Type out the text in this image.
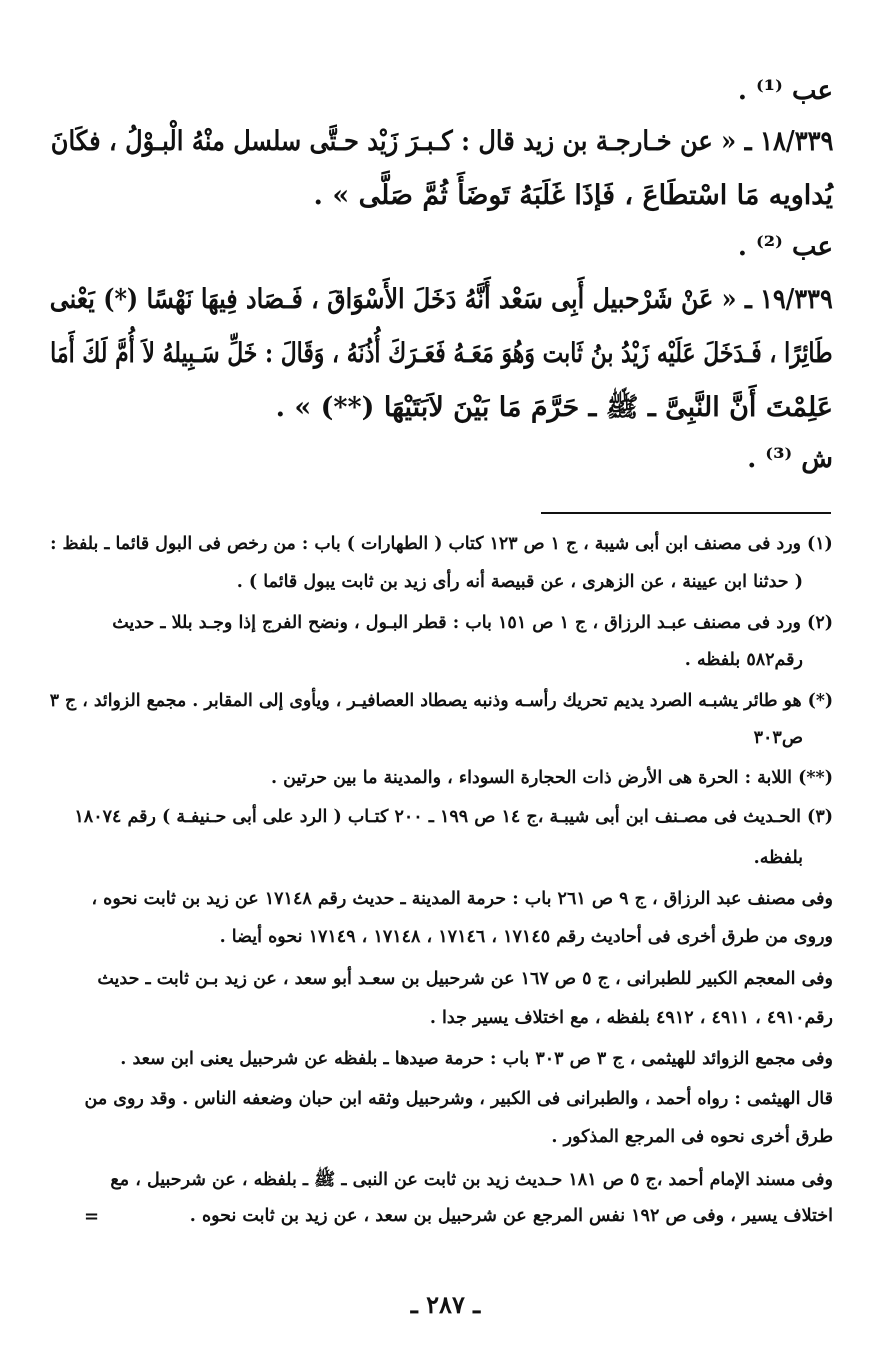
عب ⁽¹⁾ .
١٨/٣٣٩ ـ « عن خـارجـة بن زيد قال : كـبـرَ زَيْد حـتَّى سلسل منْهُ الْبـوْلُ ، فكَانَ
يُداويه مَا اسْتطَاعَ ، فَإذَا غَلَبَهُ تَوضَأَ ثُمَّ صَلَّى » .
عب ⁽²⁾ .
١٩/٣٣٩ ـ « عَنْ شَرْحبيل أَبِى سَعْد أَنَّهُ دَخَلَ الأَسْوَاقَ ، فَـصَاد فِيهَا نَهْسًا (*) يَعْنى
طَائِرًا ، فَـدَخَلَ عَلَيْه زَيْدُ بنُ ثَابت وَهُوَ مَعَـهُ فَعَـرَكَ أُذُنَهُ ، وَقَالَ : خَلِّ سَـبِيلهُ لاَ أُمَّ لَكَ أَمَا
عَلِمْتَ أَنَّ النَّبِىَّ ـ ﷺ ـ حَرَّمَ مَا بَيْنَ لاَبَتَيْهَا (**) » .
ش ⁽³⁾ .
(١) ورد فى مصنف ابن أبى شيبة ، ج ١ ص ١٢٣ كتاب ( الطهارات ) باب : من رخص فى البول قائما ـ بلفظ :
( حدثنا ابن عيينة ، عن الزهرى ، عن قبيصة أنه رأى زيد بن ثابت يبول قائما ) .
(٢) ورد فى مصنف عبـد الرزاق ، ج ١ ص ١٥١ باب : قطر البـول ، ونضح الفرج إذا وجـد بللا ـ حديث
رقم٥٨٢ بلفظه .
(*) هو طائر يشبـه الصرد يديم تحريك رأسـه وذنبه يصطاد العصافيـر ، ويأوى إلى المقابر . مجمع الزوائد ، ج ٣
ص٣٠٣
(**) اللابة : الحرة هى الأرض ذات الحجارة السوداء ، والمدينة ما بين حرتين .
(٣) الحـديث فى مصـنف ابن أبى شيبـة ،ج ١٤ ص ١٩٩ ـ ٢٠٠ كتـاب ( الرد على أبى حـنيفـة ) رقم ١٨٠٧٤
بلفظه.
وفى مصنف عبد الرزاق ، ج ٩ ص ٢٦١ باب : حرمة المدينة ـ حديث رقم ١٧١٤٨ عن زيد بن ثابت نحوه ،
وروى من طرق أخرى فى أحاديث رقم ١٧١٤٥ ، ١٧١٤٦ ، ١٧١٤٨ ، ١٧١٤٩ نحوه أيضا .
وفى المعجم الكبير للطبرانى ، ج ٥ ص ١٦٧ عن شرحبيل بن سعـد أبو سعد ، عن زيد بـن ثابت ـ حديث
رقم٤٩١٠ ، ٤٩١١ ، ٤٩١٢ بلفظه ، مع اختلاف يسير جدا .
وفى مجمع الزوائد للهيثمى ، ج ٣ ص ٣٠٣ باب : حرمة صيدها ـ بلفظه عن شرحبيل يعنى ابن سعد .
قال الهيثمى : رواه أحمد ، والطبرانى فى الكبير ، وشرحبيل وثقه ابن حبان وضعفه الناس . وقد روى من
طرق أخرى نحوه فى المرجع المذكور .
وفى مسند الإمام أحمد ،ج ٥ ص ١٨١ حـديث زيد بن ثابت عن النبى ـ ﷺ ـ بلفظه ، عن شرحبيل ، مع
اختلاف يسير ، وفى ص ١٩٢ نفس المرجع عن شرحبيل بن سعد ، عن زيد بن ثابت نحوه .
=
ـ ٢٨٧ ـ
